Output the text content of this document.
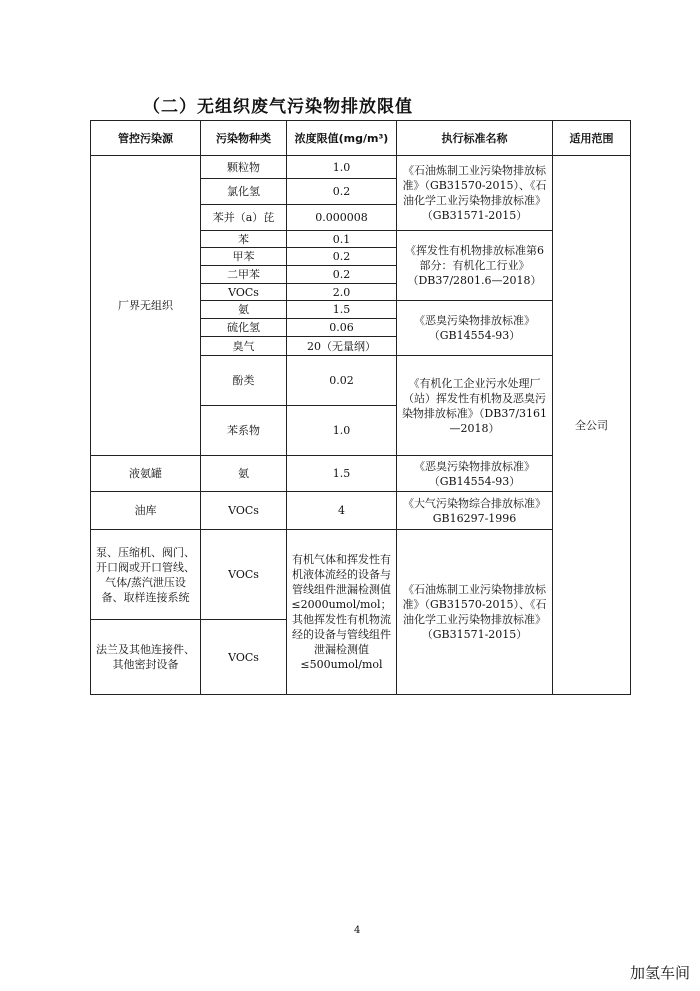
（二）无组织废气污染物排放限值
管控污染源	污染物种类	浓度限值(mg/m³)	执行标准名称	适用范围
厂界无组织	颗粒物	1.0	《石油炼制工业污染物排放标准》（GB31570-2015）、《石油化学工业污染物排放标准》（GB31571-2015）	全公司
	氯化氢	0.2		
	苯并（a）芘	0.000008		
	苯	0.1	《挥发性有机物排放标准第6部分：有机化工行业》（DB37/2801.6—2018）	
	甲苯	0.2		
	二甲苯	0.2		
	VOCs	2.0		
	氨	1.5	《恶臭污染物排放标准》（GB14554-93）	
	硫化氢	0.06		
	臭气	20（无量纲）		
	酚类	0.02	《有机化工企业污水处理厂（站）挥发性有机物及恶臭污染物排放标准》（DB37/3161—2018）	
	苯系物	1.0		
液氨罐	氨	1.5	《恶臭污染物排放标准》（GB14554-93）	
油库	VOCs	4	《大气污染物综合排放标准》GB16297-1996	
泵、压缩机、阀门、开口阀或开口管线、气体/蒸汽泄压设备、取样连接系统	VOCs	有机气体和挥发性有机液体流经的设备与管线组件泄漏检测值≤2000umol/mol；其他挥发性有机物流经的设备与管线组件泄漏检测值≤500umol/mol	《石油炼制工业污染物排放标准》（GB31570-2015）、《石油化学工业污染物排放标准》（GB31571-2015）	
法兰及其他连接件、其他密封设备	VOCs			
4
加氢车间
